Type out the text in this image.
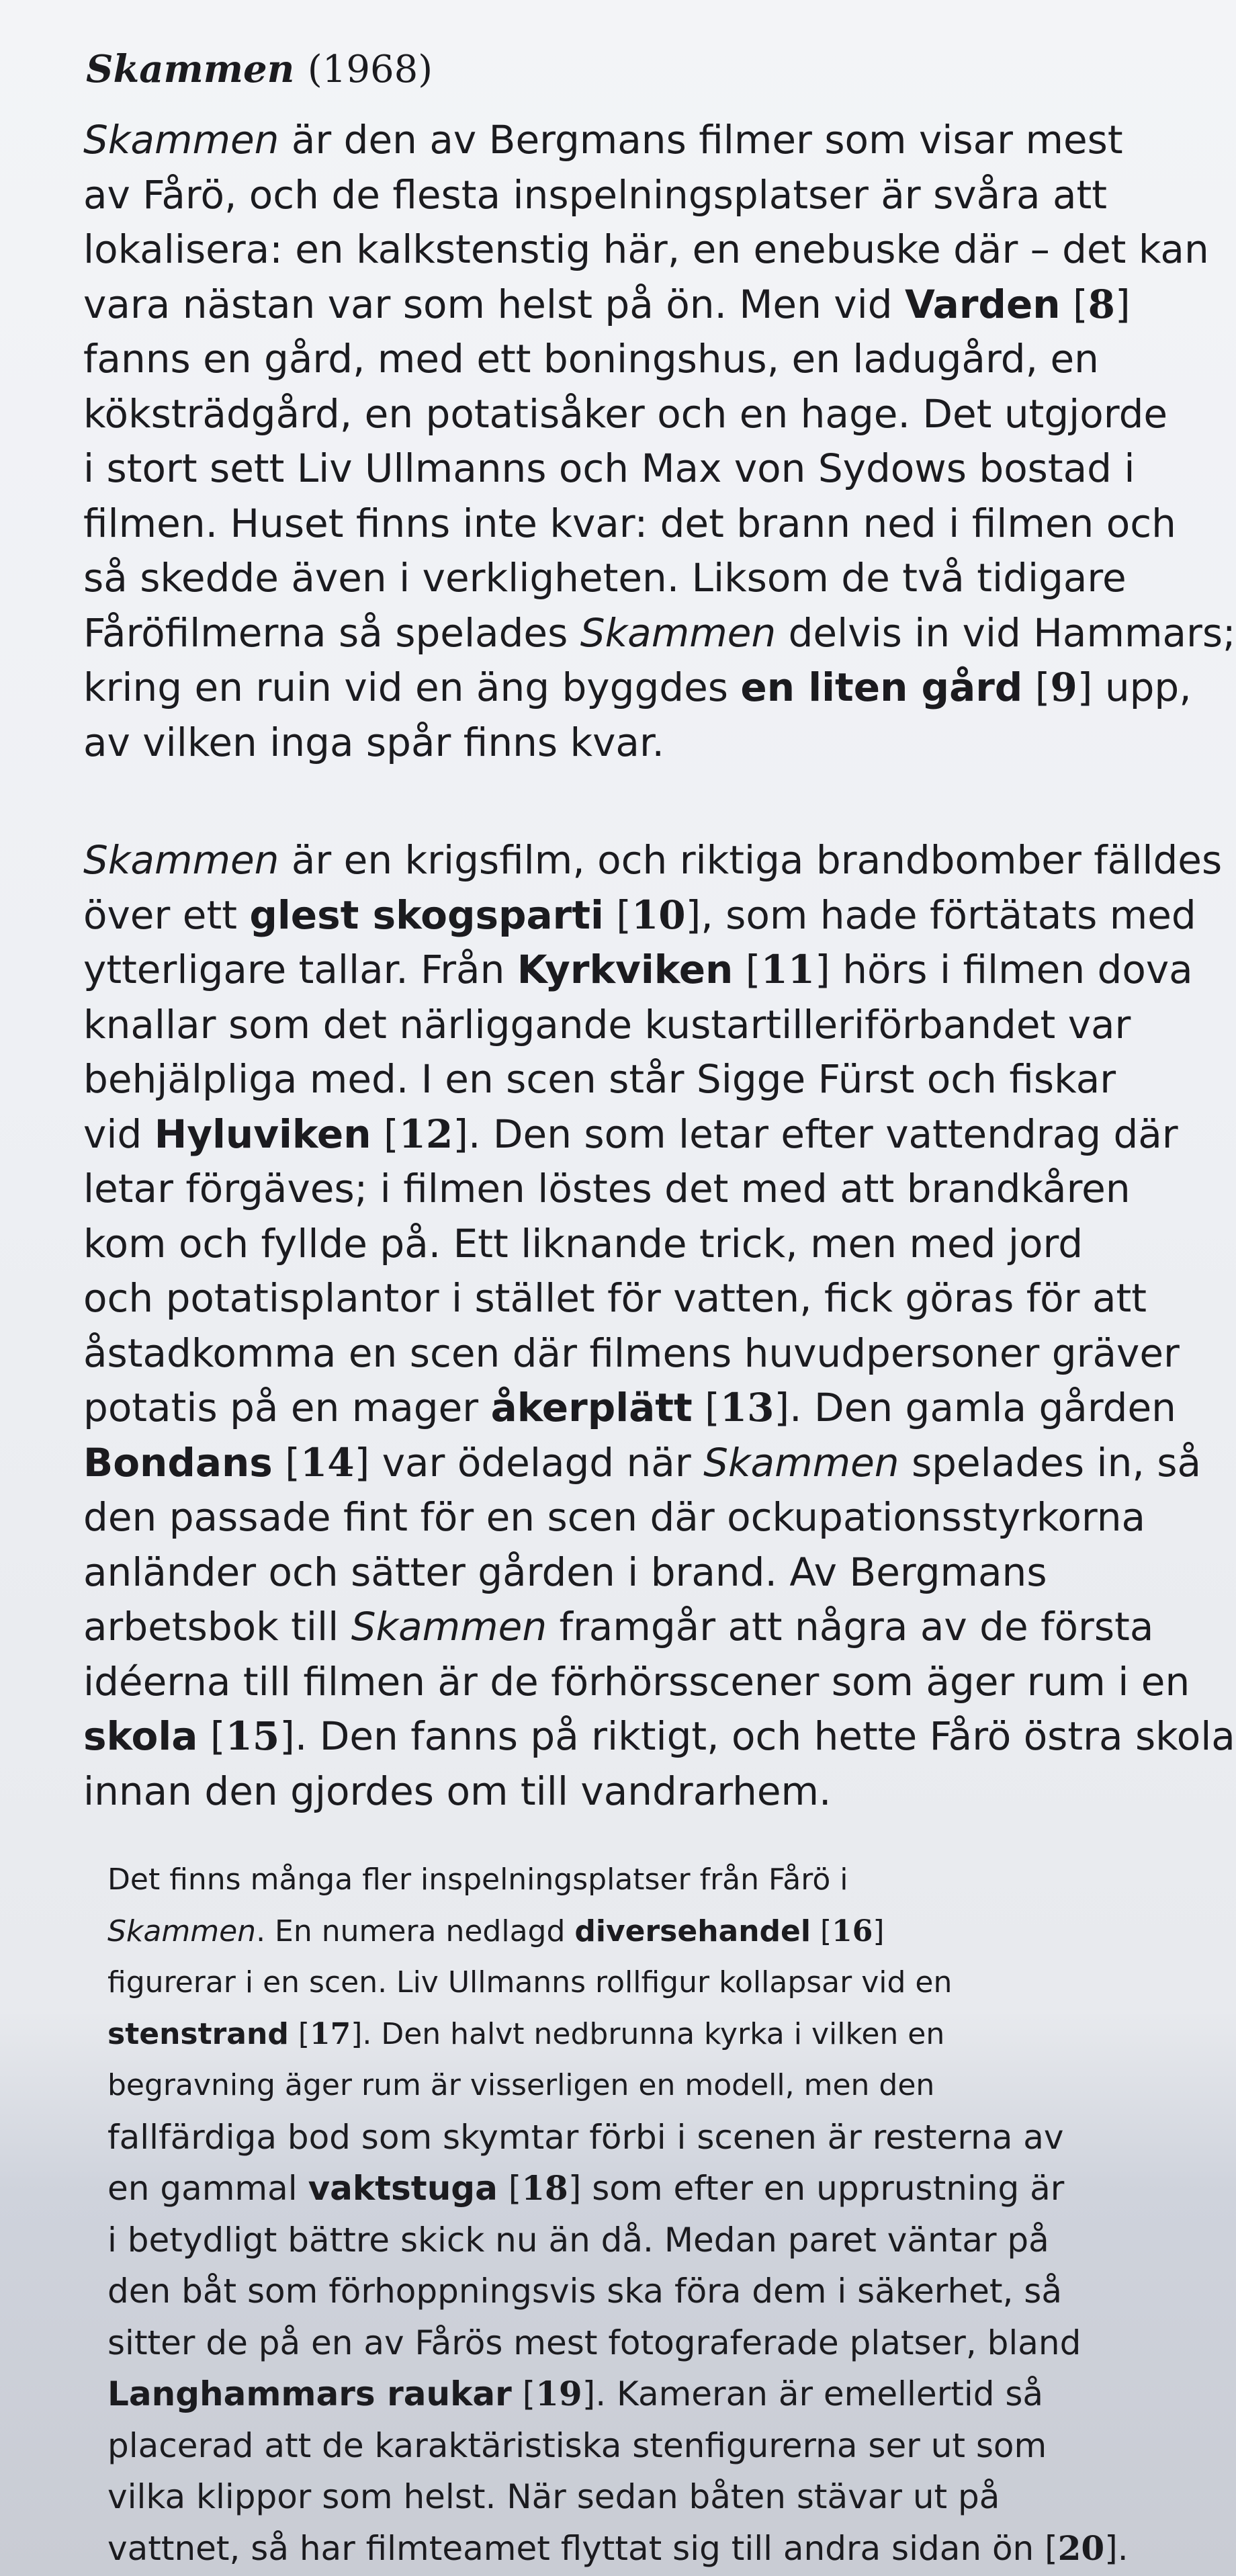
Skammen (1968)
Skammen är den av Bergmans filmer som visar mest
av Fårö, och de flesta inspelningsplatser är svåra att
lokalisera: en kalkstenstig här, en enebuske där – det kan
vara nästan var som helst på ön. Men vid Varden [8]
fanns en gård, med ett boningshus, en ladugård, en
köksträdgård, en potatisåker och en hage. Det utgjorde
i stort sett Liv Ullmanns och Max von Sydows bostad i
filmen. Huset finns inte kvar: det brann ned i filmen och
så skedde även i verkligheten. Liksom de två tidigare
Fåröfilmerna så spelades Skammen delvis in vid Hammars;
kring en ruin vid en äng byggdes en liten gård [9] upp,
av vilken inga spår finns kvar.
Skammen är en krigsfilm, och riktiga brandbomber fälldes
över ett glest skogsparti [10], som hade förtätats med
ytterligare tallar. Från Kyrkviken [11] hörs i filmen dova
knallar som det närliggande kustartilleriförbandet var
behjälpliga med. I en scen står Sigge Fürst och fiskar
vid Hyluviken [12]. Den som letar efter vattendrag där
letar förgäves; i filmen löstes det med att brandkåren
kom och fyllde på. Ett liknande trick, men med jord
och potatisplantor i stället för vatten, fick göras för att
åstadkomma en scen där filmens huvudpersoner gräver
potatis på en mager åkerplätt [13]. Den gamla gården
Bondans [14] var ödelagd när Skammen spelades in, så
den passade fint för en scen där ockupationsstyrkorna
anländer och sätter gården i brand. Av Bergmans
arbetsbok till Skammen framgår att några av de första
idéerna till filmen är de förhörsscener som äger rum i en
skola [15]. Den fanns på riktigt, och hette Fårö östra skola
innan den gjordes om till vandrarhem.
Det finns många fler inspelningsplatser från Fårö i
Skammen. En numera nedlagd diversehandel [16]
figurerar i en scen. Liv Ullmanns rollfigur kollapsar vid en
stenstrand [17]. Den halvt nedbrunna kyrka i vilken en
begravning äger rum är visserligen en modell, men den
fallfärdiga bod som skymtar förbi i scenen är resterna av
en gammal vaktstuga [18] som efter en upprustning är
i betydligt bättre skick nu än då. Medan paret väntar på
den båt som förhoppningsvis ska föra dem i säkerhet, så
sitter de på en av Fårös mest fotograferade platser, bland
Langhammars raukar [19]. Kameran är emellertid så
placerad att de karaktäristiska stenfigurerna ser ut som
vilka klippor som helst. När sedan båten stävar ut på
vattnet, så har filmteamet flyttat sig till andra sidan ön [20].
